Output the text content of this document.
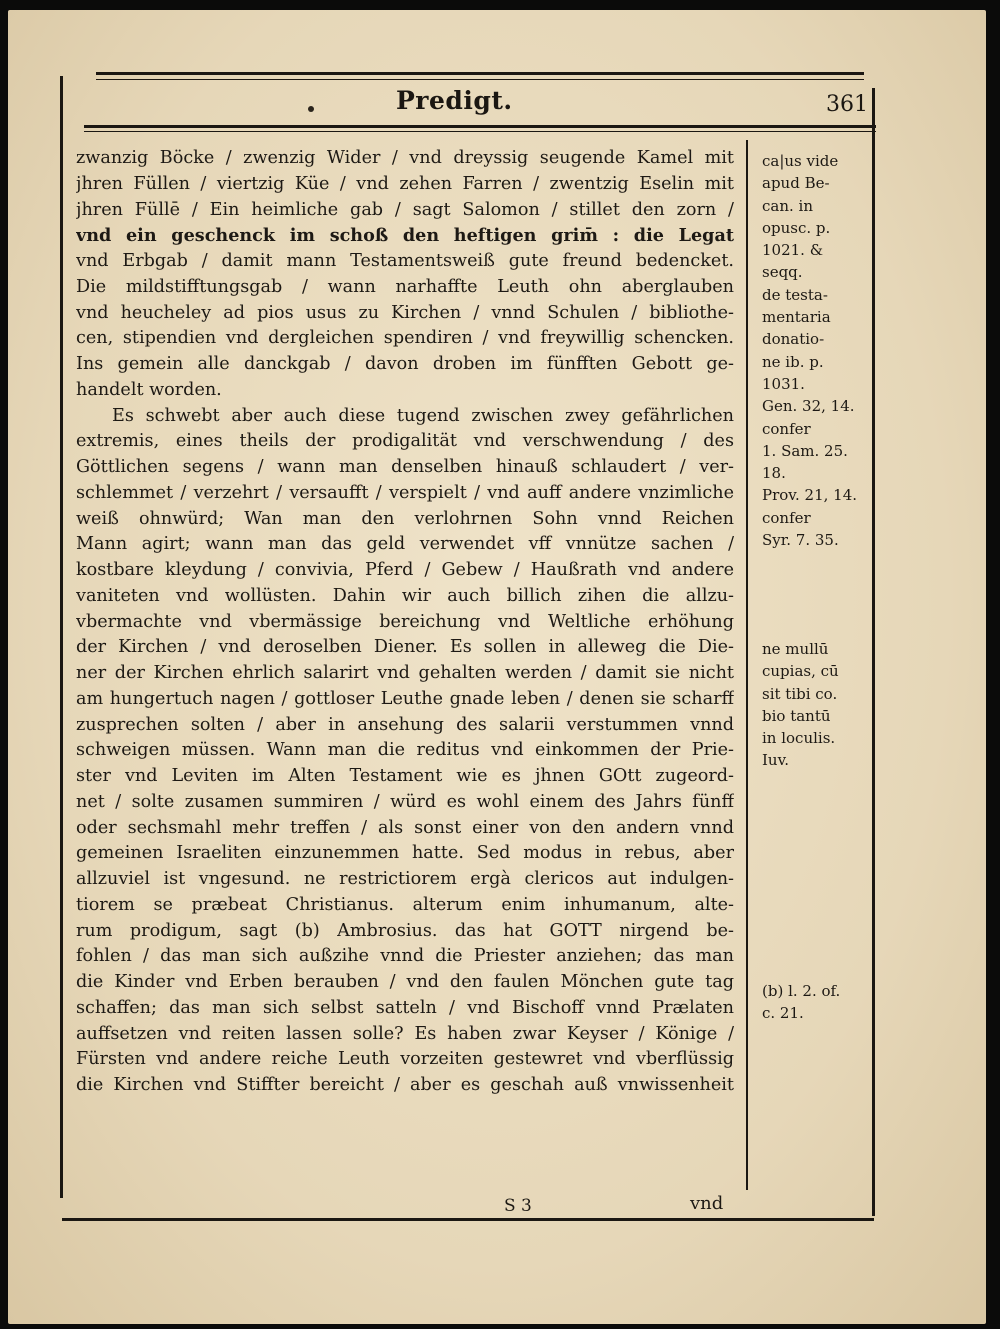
Predigt.	361
zwanzig Böcke / zwenzig Wider / vnd dreyssig seugende Kamel mit
jhren Füllen / viertzig Küe / vnd zehen Farren / zwentzig Eselin mit
jhren Füllē / Ein heimliche gab / sagt Salomon / stillet den zorn /
vnd ein geschenck im schoß den heftigen grim̄ : die Legat
vnd Erbgab / damit mann Testamentsweiß gute freund bedencket.
Die mildstifftungsgab / wann narhaffte Leuth ohn aberglauben
vnd heucheley ad pios usus zu Kirchen / vnnd Schulen / bibliothe-
cen, stipendien vnd dergleichen spendiren / vnd freywillig schencken.
Ins gemein alle danckgab / davon droben im fünfften Gebott ge-
handelt worden.
Es schwebt aber auch diese tugend zwischen zwey gefährlichen
extremis, eines theils der prodigalität vnd verschwendung / des
Göttlichen segens / wann man denselben hinauß schlaudert / ver-
schlemmet / verzehrt / versaufft / verspielt / vnd auff andere vnzimliche
weiß ohnwürd; Wan man den verlohrnen Sohn vnnd Reichen
Mann agirt; wann man das geld verwendet vff vnnütze sachen /
kostbare kleydung / convivia, Pferd / Gebew / Haußrath vnd andere
vaniteten vnd wollüsten. Dahin wir auch billich zihen die allzu-
vbermachte vnd vbermässige bereichung vnd Weltliche erhöhung
der Kirchen / vnd deroselben Diener. Es sollen in alleweg die Die-
ner der Kirchen ehrlich salarirt vnd gehalten werden / damit sie nicht
am hungertuch nagen / gottloser Leuthe gnade leben / denen sie scharff
zusprechen solten / aber in ansehung des salarii verstummen vnnd
schweigen müssen. Wann man die reditus vnd einkommen der Prie-
ster vnd Leviten im Alten Testament wie es jhnen GOtt zugeord-
net / solte zusamen summiren / würd es wohl einem des Jahrs fünff
oder sechsmahl mehr treffen / als sonst einer von den andern vnnd
gemeinen Israeliten einzunemmen hatte. Sed modus in rebus, aber
allzuviel ist vngesund. ne restrictiorem ergà clericos aut indulgen-
tiorem se præbeat Christianus. alterum enim inhumanum, alte-
rum prodigum, sagt (b) Ambrosius. das hat GOTT nirgend be-
fohlen / das man sich außzihe vnnd die Priester anziehen; das man
die Kinder vnd Erben berauben / vnd den faulen Mönchen gute tag
schaffen; das man sich selbst satteln / vnd Bischoff vnnd Prælaten
auffsetzen vnd reiten lassen solle? Es haben zwar Keyser / Könige /
Fürsten vnd andere reiche Leuth vorzeiten gestewret vnd vberflüssig
die Kirchen vnd Stiffter bereicht / aber es geschah auß vnwissenheit
ca|us vide
apud Be-
can. in
opusc. p.
1021. &
seqq.
de testa-
mentaria
donatio-
ne ib. p.
1031.
Gen. 32, 14.
confer
1. Sam. 25.
18.
Prov. 21, 14.
confer
Syr. 7. 35.
ne mullū
cupias, cū
sit tibi co.
bio tantū
in loculis.
Iuv.
(b) l. 2. of.
c. 21.
S 3	vnd
